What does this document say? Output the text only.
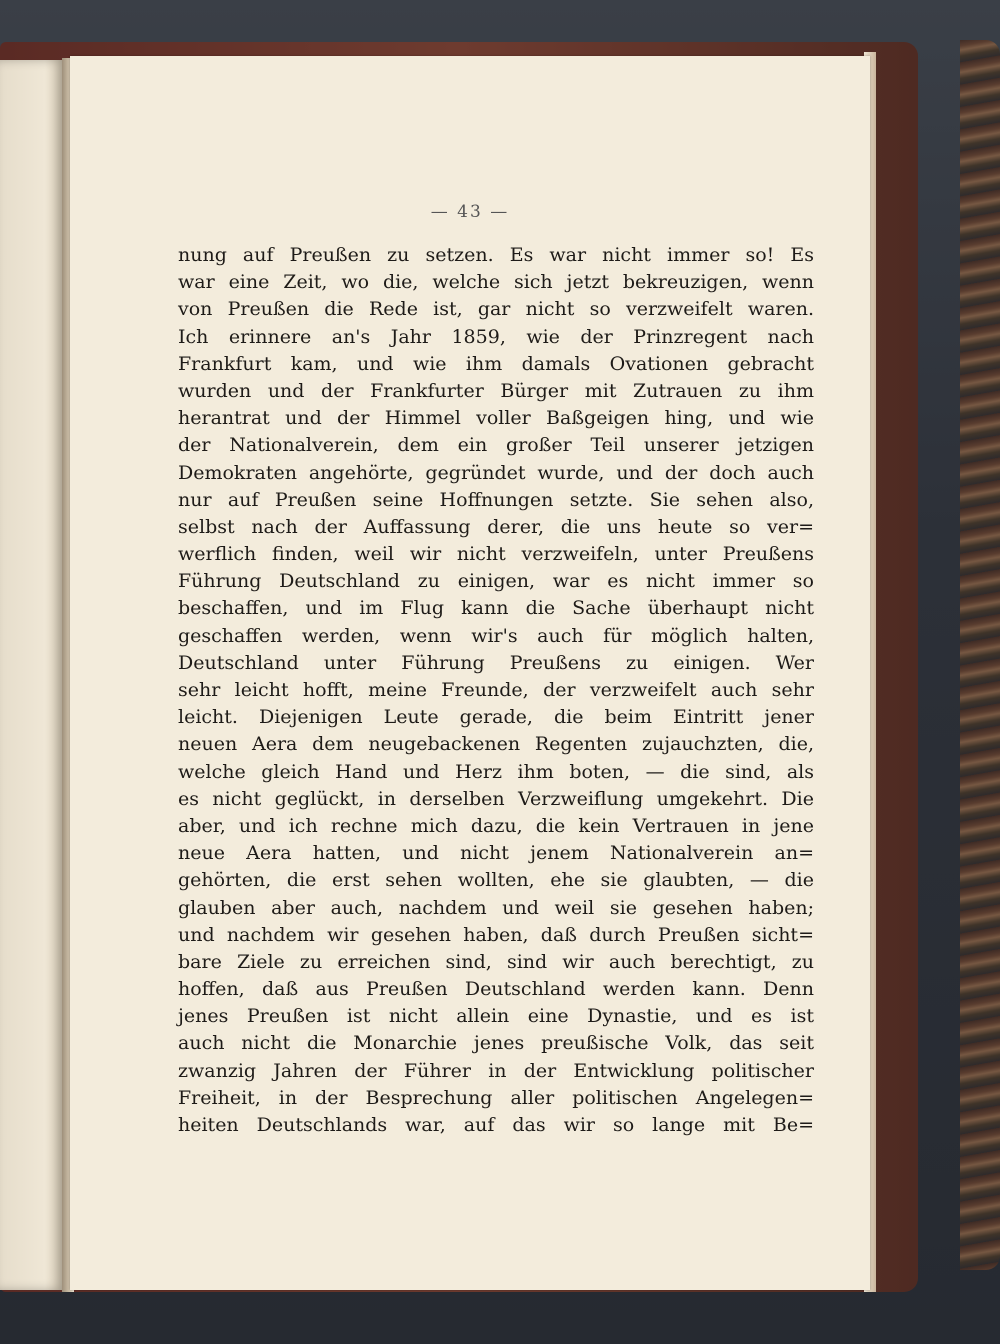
— 43 —
nung auf Preußen zu setzen. Es war nicht immer so! Es
war eine Zeit, wo die, welche sich jetzt bekreuzigen, wenn
von Preußen die Rede ist, gar nicht so verzweifelt waren.
Ich erinnere an's Jahr 1859, wie der Prinzregent nach
Frankfurt kam, und wie ihm damals Ovationen gebracht
wurden und der Frankfurter Bürger mit Zutrauen zu ihm
herantrat und der Himmel voller Baßgeigen hing, und wie
der Nationalverein, dem ein großer Teil unserer jetzigen
Demokraten angehörte, gegründet wurde, und der doch auch
nur auf Preußen seine Hoffnungen setzte. Sie sehen also,
selbst nach der Auffassung derer, die uns heute so ver=
werflich finden, weil wir nicht verzweifeln, unter Preußens
Führung Deutschland zu einigen, war es nicht immer so
beschaffen, und im Flug kann die Sache überhaupt nicht
geschaffen werden, wenn wir's auch für möglich halten,
Deutschland unter Führung Preußens zu einigen. Wer
sehr leicht hofft, meine Freunde, der verzweifelt auch sehr
leicht. Diejenigen Leute gerade, die beim Eintritt jener
neuen Aera dem neugebackenen Regenten zujauchzten, die,
welche gleich Hand und Herz ihm boten, — die sind, als
es nicht geglückt, in derselben Verzweiflung umgekehrt. Die
aber, und ich rechne mich dazu, die kein Vertrauen in jene
neue Aera hatten, und nicht jenem Nationalverein an=
gehörten, die erst sehen wollten, ehe sie glaubten, — die
glauben aber auch, nachdem und weil sie gesehen haben;
und nachdem wir gesehen haben, daß durch Preußen sicht=
bare Ziele zu erreichen sind, sind wir auch berechtigt, zu
hoffen, daß aus Preußen Deutschland werden kann. Denn
jenes Preußen ist nicht allein eine Dynastie, und es ist
auch nicht die Monarchie jenes preußische Volk, das seit
zwanzig Jahren der Führer in der Entwicklung politischer
Freiheit, in der Besprechung aller politischen Angelegen=
heiten Deutschlands war, auf das wir so lange mit Be=
